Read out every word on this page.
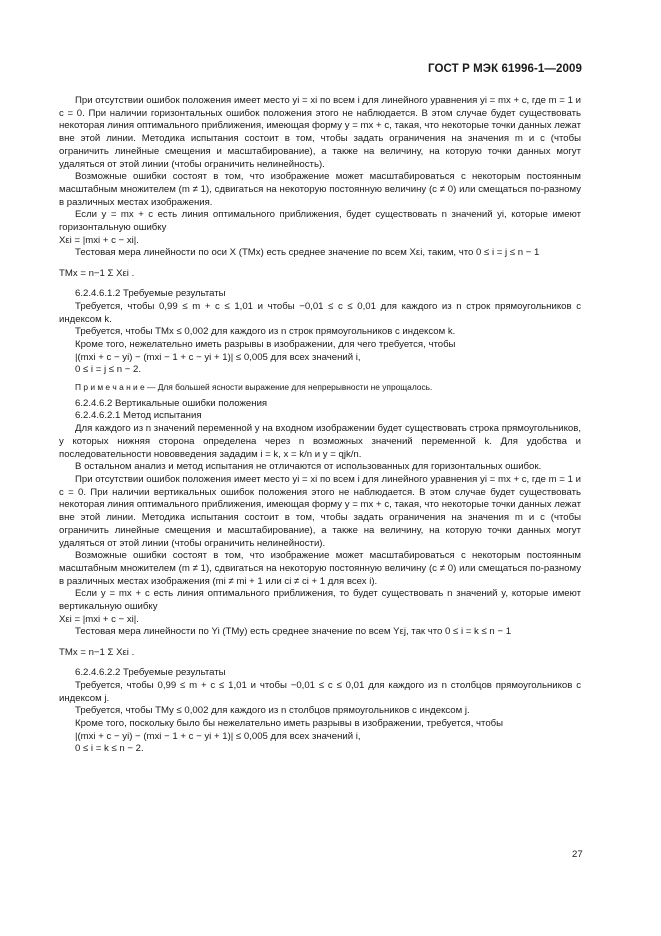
ГОСТ Р МЭК 61996-1—2009

При отсутствии ошибок положения имеет место yi = xi по всем i для линейного уравнения yi = mx + c, где m = 1 и c = 0. При наличии горизонтальных ошибок положения этого не наблюдается. В этом случае будет существовать некоторая линия оптимального приближения, имеющая форму y = mx + c, такая, что некоторые точки данных лежат вне этой линии. Методика испытания состоит в том, чтобы задать ограничения на значения m и c (чтобы ограничить линейные смещения и масштабирование), а также на величину, на которую точки данных могут удаляться от этой линии (чтобы ограничить нелинейность).

Возможные ошибки состоят в том, что изображение может масштабироваться с некоторым постоянным масштабным множителем (m ≠ 1), сдвигаться на некоторую постоянную величину (c ≠ 0) или смещаться по-разному в различных местах изображения.

Если y = mx + c есть линия оптимального приближения, будет существовать n значений yi, которые имеют горизонтальную ошибку

Xεi = |mxi + c − xi|.

Тестовая мера линейности по оси X (TMx) есть среднее значение по всем Xεi, таким, что 0 ≤ i = j ≤ n − 1

TMx = n−1 Σ Xεi .

6.2.4.6.1.2 Требуемые результаты

Требуется, чтобы 0,99 ≤ m + c ≤ 1,01 и чтобы −0,01 ≤ c ≤ 0,01 для каждого из n строк прямоугольников с индексом k.

Требуется, чтобы TMx ≤ 0,002 для каждого из n строк прямоугольников с индексом k.

Кроме того, нежелательно иметь разрывы в изображении, для чего требуется, чтобы

|(mxi + c − yi) − (mxi − 1 + c − yi + 1)| ≤ 0,005 для всех значений i,

0 ≤ i = j ≤ n − 2.

П р и м е ч а н и е — Для большей ясности выражение для непрерывности не упрощалось.

6.2.4.6.2 Вертикальные ошибки положения

6.2.4.6.2.1 Метод испытания

Для каждого из n значений переменной y на входном изображении будет существовать строка прямоугольников, у которых нижняя сторона определена через n возможных значений переменной k. Для удобства и последовательности нововведения зададим i = k, x = k/n и y = qjk/n.

В остальном анализ и метод испытания не отличаются от использованных для горизонтальных ошибок.

При отсутствии ошибок положения имеет место yi = xi по всем i для линейного уравнения yi = mx + c, где m = 1 и c = 0. При наличии вертикальных ошибок положения этого не наблюдается. В этом случае будет существовать некоторая линия оптимального приближения, имеющая форму y = mx + c, такая, что некоторые точки данных лежат вне этой линии. Методика испытания состоит в том, чтобы задать ограничения на значения m и c (чтобы ограничить линейные смещения и масштабирование), а также на величину, на которую точки данных могут удаляться от этой линии (чтобы ограничить нелинейности).

Возможные ошибки состоят в том, что изображение может масштабироваться с некоторым постоянным масштабным множителем (m ≠ 1), сдвигаться на некоторую постоянную величину (c ≠ 0) или смещаться по-разному в различных местах изображения (mi ≠ mi + 1 или ci ≠ ci + 1 для всех i).

Если y = mx + c есть линия оптимального приближения, то будет существовать n значений y, которые имеют вертикальную ошибку

Xεi = |mxi + c − xi|.

Тестовая мера линейности по Yi (TMy) есть среднее значение по всем Yεj, так что 0 ≤ i = k ≤ n − 1

TMx = n−1 Σ Xεi .

6.2.4.6.2.2 Требуемые результаты

Требуется, чтобы 0,99 ≤ m + c ≤ 1,01 и чтобы −0,01 ≤ c ≤ 0,01 для каждого из n столбцов прямоугольников с индексом j.

Требуется, чтобы TMy ≤ 0,002 для каждого из n столбцов прямоугольников с индексом j.

Кроме того, поскольку было бы нежелательно иметь разрывы в изображении, требуется, чтобы

|(mxi + c − yi) − (mxi − 1 + c − yi + 1)| ≤ 0,005 для всех значений i,

0 ≤ i = k ≤ n − 2.

27
